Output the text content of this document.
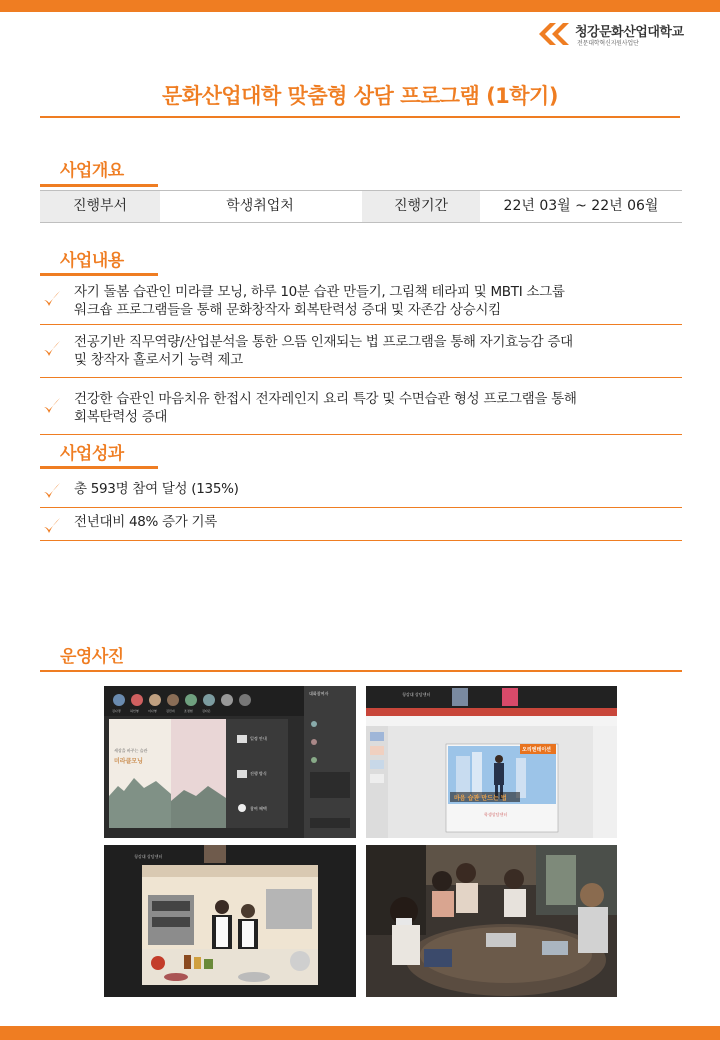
청강문화산업대학교
전문대학혁신지원사업단
문화산업대학 맞춤형 상담 프로그램 (1학기)
사업개요
진행부서	학생취업처	진행기간	22년 03월 ~ 22년 06월
사업내용
자기 돌봄 습관인 미라클 모닝, 하루 10분 습관 만들기, 그림책 테라피 및 MBTI 소그룹
워크숍 프로그램들을 통해 문화창작자 회복탄력성 증대 및 자존감 상승시킴
전공기반 직무역량/산업분석을 통한 으뜸 인재되는 법 프로그램을 통해 자기효능감 증대
및 창작자 홀로서기 능력 제고
건강한 습관인 마음치유 한접시 전자레인지 요리 특강 및 수면습관 형성 프로그램을 통해
회복탄력성 증대
사업성과
총 593명 참여 달성 (135%)
전년대비 48% 증가 기록
운영사진
김나경	허인영	이나영	김민지	조정현	김다은
대화참여자
세상을 바꾸는 습관
미라클모닝
일정 안내
진행 방식
참여 혜택
청강대 상담센터
오리엔테이션
마음 습관 만드는 법
학생상담센터
청강대 상담센터
